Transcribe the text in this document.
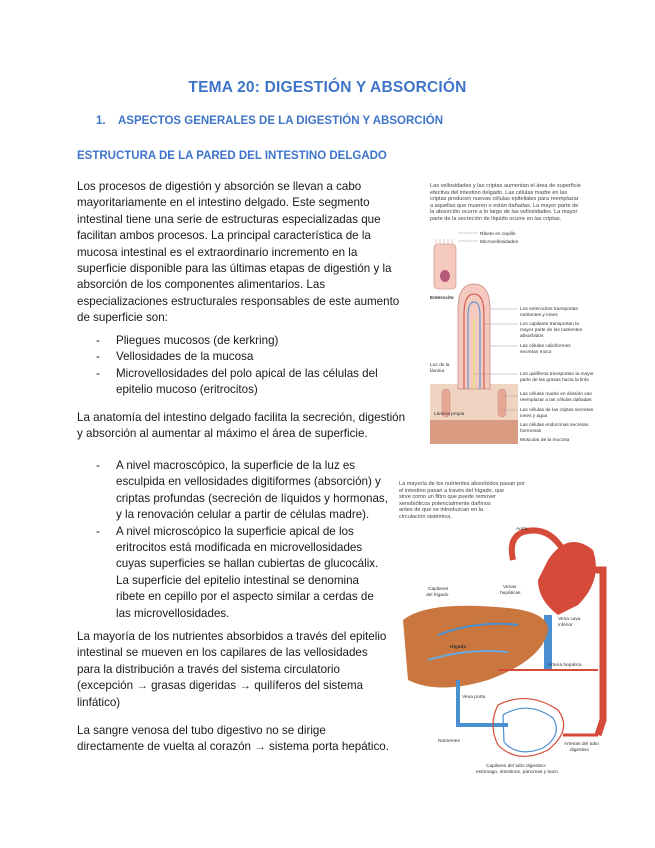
TEMA 20: DIGESTIÓN Y ABSORCIÓN
1. ASPECTOS GENERALES DE LA DIGESTIÓN Y ABSORCIÓN
ESTRUCTURA DE LA PARED DEL INTESTINO DELGADO
Los procesos de digestión y absorción se llevan a cabo
mayoritariamente en el intestino delgado. Este segmento
intestinal tiene una serie de estructuras especializadas que
facilitan ambos procesos. La principal característica de la
mucosa intestinal es el extraordinario incremento en la
superficie disponible para las últimas etapas de digestión y la
absorción de los componentes alimentarios. Las
especializaciones estructurales responsables de este aumento
de superficie son:
- Pliegues mucosos (de kerkring)
- Vellosidades de la mucosa
- Microvellosidades del polo apical de las células del
epitelio mucoso (eritrocitos)
La anatomía del intestino delgado facilita la secreción, digestión
y absorción al aumentar al máximo el área de superficie.
- A nivel macroscópico, la superficie de la luz es
esculpida en vellosidades digitiformes (absorción) y
criptas profundas (secreción de líquidos y hormonas,
y la renovación celular a partir de células madre).
- A nivel microscópico la superficie apical de los
eritrocitos está modificada en microvellosidades
cuyas superficies se hallan cubiertas de glucocálix.
La superficie del epitelio intestinal se denomina
ribete en cepillo por el aspecto similar a cerdas de
las microvellosidades.
La mayoría de los nutrientes absorbidos a través del epitelio
intestinal se mueven en los capilares de las vellosidades
para la distribución a través del sistema circulatorio
(excepción → grasas digeridas → quilíferos del sistema
linfático)
La sangre venosa del tubo digestivo no se dirige
directamente de vuelta al corazón → sistema porta hepático.
Las vellosidades y las criptas aumentan el área de superficie
efectiva del intestino delgado. Las células madre en las
criptas producen nuevas células epiteliales para reemplazar
a aquellas que mueren o están dañadas. La mayor parte de
la absorción ocurre a lo largo de las vellosidades. La mayor
parte de la secreción de líquido ocurre en las criptas.
Ribete en cepillo
Microvellosidades
Enterocito
Los enterocitos transportan
nutrientes y iones
Los capilares transportan la
mayor parte de los nutrientes
absorbidos
Las células caliciformes
secretan moco
Los quilíferos transportan la mayor
parte de las grasas hacia la linfa
Las células madre en división van
reemplazar a las células dañadas
Las células de las criptas secretan
iones y agua
Las células endocrinas secretan
hormonas
Muscular de la mucosa
Luz de la
lámina
Lámina propia
La mayoría de los nutrientes absorbidos pasan por
el intestino pasan a través del hígado, que
sirve como un filtro que puede remover
xenobióticos potencialmente dañinos
antes de que se introduzcan en la
circulación sistémica.
Aorta
Capilares
del hígado
Venas
hepáticas
Vena cava
inferior
Hígado
Arteria hepática
Vena porta
Nutrientes
Arterias del tubo
digestivo
Capilares del tubo digestivo:
estómago, intestinos, páncreas y bazo
